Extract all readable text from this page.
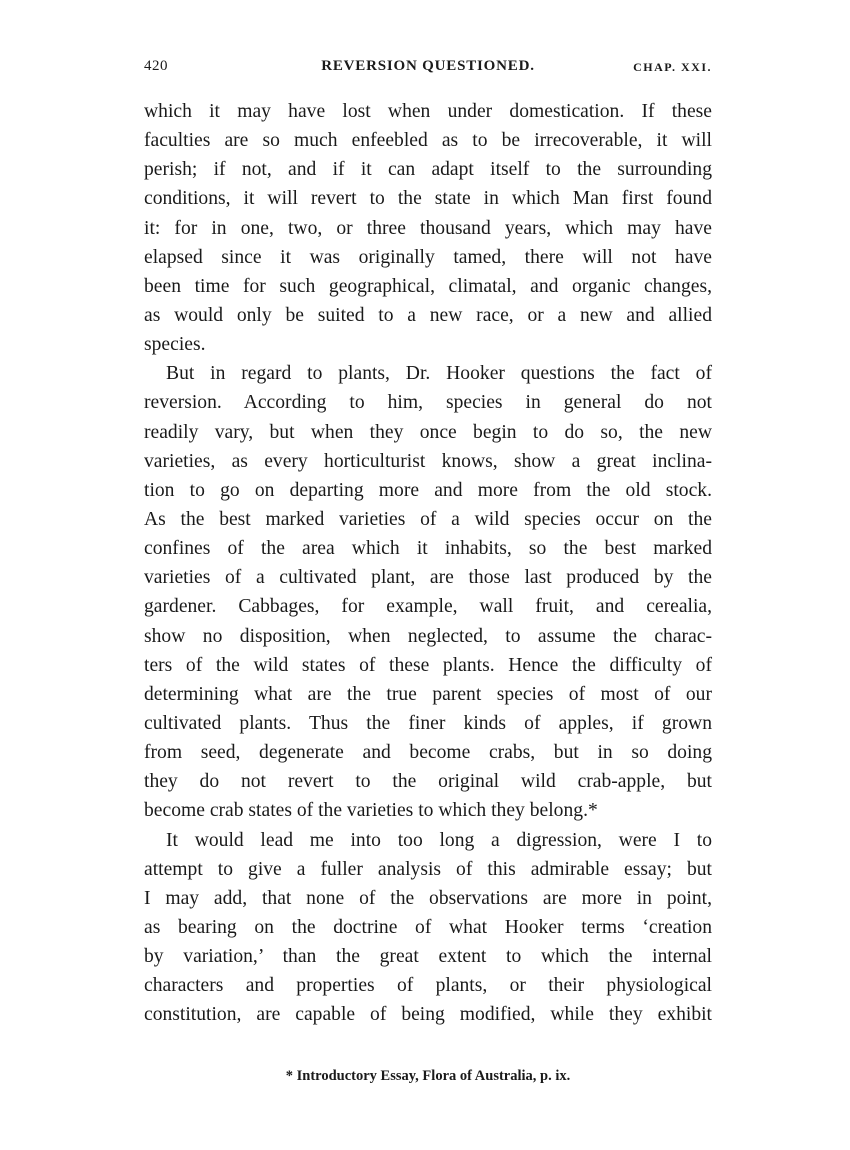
420	REVERSION QUESTIONED.	CHAP. XXI.
which it may have lost when under domestication. If these
faculties are so much enfeebled as to be irrecoverable, it will
perish; if not, and if it can adapt itself to the surrounding
conditions, it will revert to the state in which Man first found
it: for in one, two, or three thousand years, which may have
elapsed since it was originally tamed, there will not have
been time for such geographical, climatal, and organic changes,
as would only be suited to a new race, or a new and allied
species.
But in regard to plants, Dr. Hooker questions the fact of
reversion. According to him, species in general do not
readily vary, but when they once begin to do so, the new
varieties, as every horticulturist knows, show a great inclina-
tion to go on departing more and more from the old stock.
As the best marked varieties of a wild species occur on the
confines of the area which it inhabits, so the best marked
varieties of a cultivated plant, are those last produced by the
gardener. Cabbages, for example, wall fruit, and cerealia,
show no disposition, when neglected, to assume the charac-
ters of the wild states of these plants. Hence the difficulty of
determining what are the true parent species of most of our
cultivated plants. Thus the finer kinds of apples, if grown
from seed, degenerate and become crabs, but in so doing
they do not revert to the original wild crab-apple, but
become crab states of the varieties to which they belong.*
It would lead me into too long a digression, were I to
attempt to give a fuller analysis of this admirable essay; but
I may add, that none of the observations are more in point,
as bearing on the doctrine of what Hooker terms ‘creation
by variation,’ than the great extent to which the internal
characters and properties of plants, or their physiological
constitution, are capable of being modified, while they exhibit
* Introductory Essay, Flora of Australia, p. ix.
